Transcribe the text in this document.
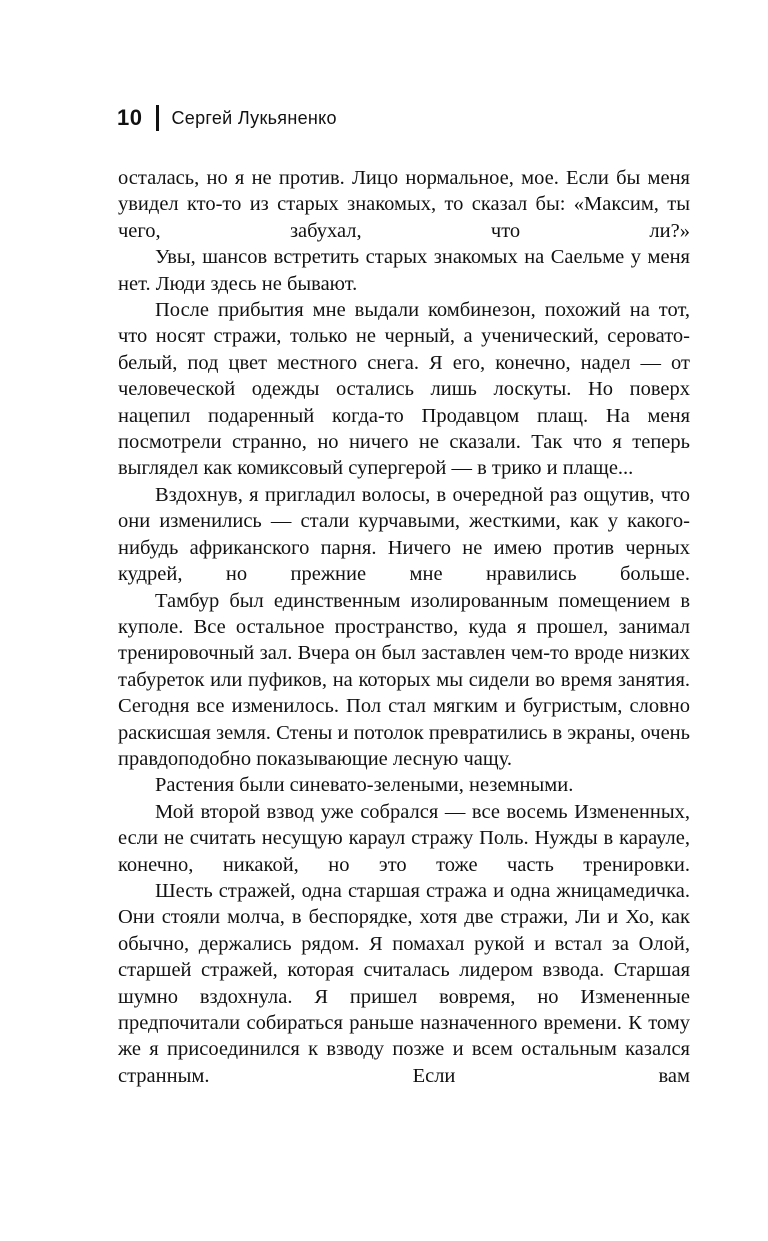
10 Сергей Лукьяненко

осталась, но я не против. Лицо нормальное, мое. Если бы меня увидел кто-то из старых знакомых, то сказал бы: «Максим, ты чего, забухал, что ли?»

Увы, шансов встретить старых знакомых на Саельме у меня нет. Люди здесь не бывают.

После прибытия мне выдали комбинезон, похожий на тот, что носят стражи, только не черный, а ученический, серовато-белый, под цвет местного снега. Я его, конечно, надел — от человеческой одежды остались лишь лоскуты. Но поверх нацепил подаренный когда-то Продавцом плащ. На меня посмотрели странно, но ничего не сказали. Так что я теперь выглядел как комиксовый супергерой — в трико и плаще...

Вздохнув, я пригладил волосы, в очередной раз ощутив, что они изменились — стали курчавыми, жесткими, как у какого-нибудь африканского парня. Ничего не имею против черных кудрей, но прежние мне нравились больше.

Тамбур был единственным изолированным помещением в куполе. Все остальное пространство, куда я прошел, занимал тренировочный зал. Вчера он был заставлен чем-то вроде низких табуреток или пуфиков, на которых мы сидели во время занятия. Сегодня все изменилось. Пол стал мягким и бугристым, словно раскисшая земля. Стены и потолок превратились в экраны, очень правдоподобно показывающие лесную чащу.

Растения были синевато-зелеными, неземными.

Мой второй взвод уже собрался — все восемь Измененных, если не считать несущую караул стражу Поль. Нужды в карауле, конечно, никакой, но это тоже часть тренировки.

Шесть стражей, одна старшая стража и одна жницамедичка. Они стояли молча, в беспорядке, хотя две стражи, Ли и Хо, как обычно, держались рядом. Я помахал рукой и встал за Олой, старшей стражей, которая считалась лидером взвода. Старшая шумно вздохнула. Я пришел вовремя, но Измененные предпочитали собираться раньше назначенного времени. К тому же я присоединился к взводу позже и всем остальным казался странным. Если вам
